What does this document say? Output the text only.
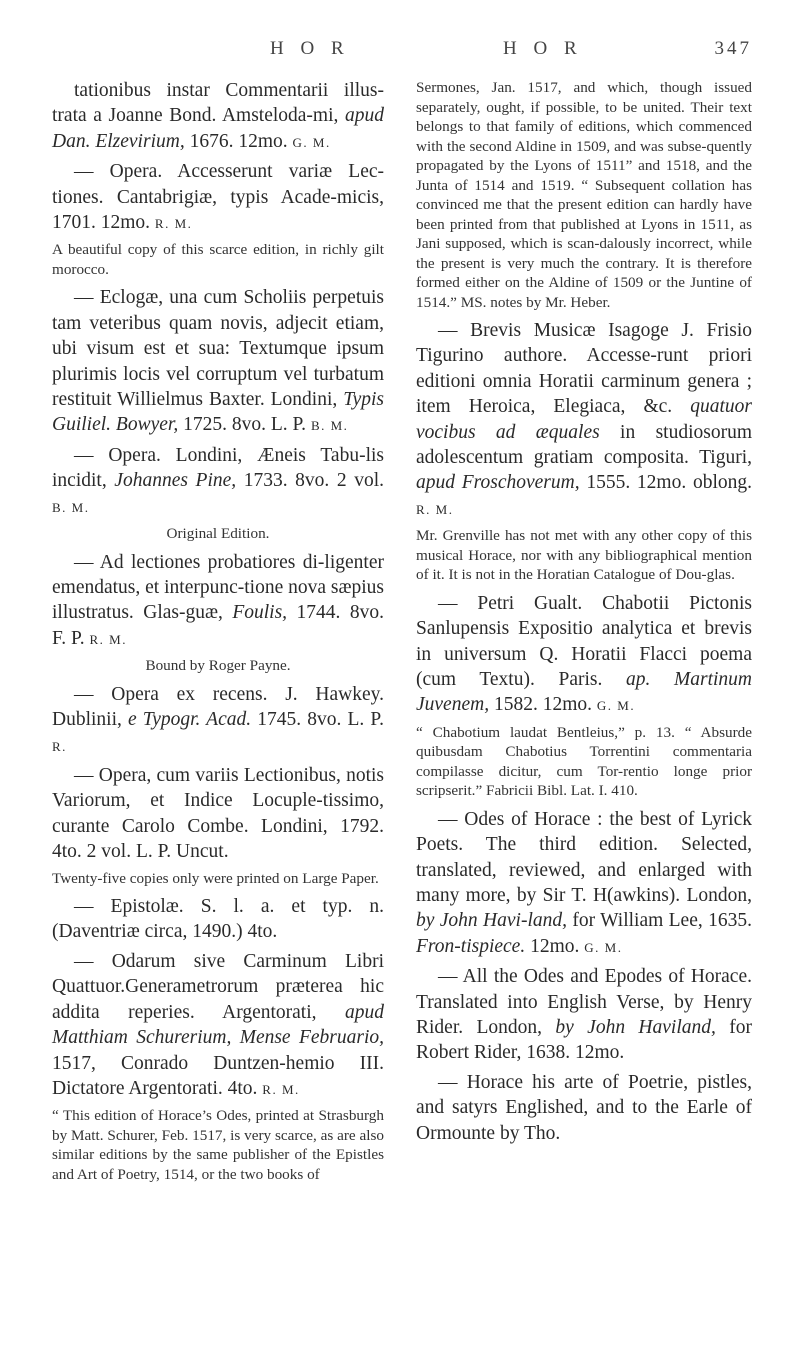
H O R	H O R	347

tationibus instar Commentarii illus-trata a Joanne Bond. Amsteloda-mi, apud Dan. Elzevirium, 1676. 12mo. G. M.

— Opera. Accesserunt variæ Lec-tiones. Cantabrigiæ, typis Acade-micis, 1701. 12mo. R. M.

A beautiful copy of this scarce edition, in richly gilt morocco.

— Eclogæ, una cum Scholiis perpetuis tam veteribus quam novis, adjecit etiam, ubi visum est et sua: Textumque ipsum plurimis locis vel corruptum vel turbatum restituit Willielmus Baxter. Londini, Typis Guiliel. Bowyer, 1725. 8vo. L. P. B. M.

— Opera. Londini, Æneis Tabu-lis incidit, Johannes Pine, 1733. 8vo. 2 vol. B. M.

Original Edition.

— Ad lectiones probatiores di-ligenter emendatus, et interpunc-tione nova sæpius illustratus. Glas-guæ, Foulis, 1744. 8vo. F. P. R. M.

Bound by Roger Payne.

— Opera ex recens. J. Hawkey. Dublinii, e Typogr. Acad. 1745. 8vo. L. P. R.

— Opera, cum variis Lectionibus, notis Variorum, et Indice Locuple-tissimo, curante Carolo Combe. Londini, 1792. 4to. 2 vol. L. P. Uncut.

Twenty-five copies only were printed on Large Paper.

— Epistolæ. S. l. a. et typ. n. (Daventriæ circa, 1490.) 4to.

— Odarum sive Carminum Libri Quattuor.Generametrorum præterea hic addita reperies. Argentorati, apud Matthiam Schurerium, Mense Februario, 1517, Conrado Duntzen-hemio III. Dictatore Argentorati. 4to. R. M.

“ This edition of Horace’s Odes, printed at Strasburgh by Matt. Schurer, Feb. 1517, is very scarce, as are also similar editions by the same publisher of the Epistles and Art of Poetry, 1514, or the two books of

Sermones, Jan. 1517, and which, though issued separately, ought, if possible, to be united. Their text belongs to that family of editions, which commenced with the second Aldine in 1509, and was subse-quently propagated by the Lyons of 1511” and 1518, and the Junta of 1514 and 1519. “ Subsequent collation has convinced me that the present edition can hardly have been printed from that published at Lyons in 1511, as Jani supposed, which is scan-dalously incorrect, while the present is very much the contrary. It is therefore formed either on the Aldine of 1509 or the Juntine of 1514.” MS. notes by Mr. Heber.

— Brevis Musicæ Isagoge J. Frisio Tigurino authore. Accesse-runt priori editioni omnia Horatii carminum genera ; item Heroica, Elegiaca, &c. quatuor vocibus ad æquales in studiosorum adolescentum gratiam composita. Tiguri, apud Froschoverum, 1555. 12mo. oblong. R. M.

Mr. Grenville has not met with any other copy of this musical Horace, nor with any bibliographical mention of it. It is not in the Horatian Catalogue of Dou-glas.

— Petri Gualt. Chabotii Pictonis Sanlupensis Expositio analytica et brevis in universum Q. Horatii Flacci poema (cum Textu). Paris. ap. Martinum Juvenem, 1582. 12mo. G. M.

“ Chabotium laudat Bentleius,” p. 13. “ Absurde quibusdam Chabotius Torrentini commentaria compilasse dicitur, cum Tor-rentio longe prior scripserit.” Fabricii Bibl. Lat. I. 410.

— Odes of Horace : the best of Lyrick Poets. The third edition. Selected, translated, reviewed, and enlarged with many more, by Sir T. H(awkins). London, by John Havi-land, for William Lee, 1635. Fron-tispiece. 12mo. G. M.

— All the Odes and Epodes of Horace. Translated into English Verse, by Henry Rider. London, by John Haviland, for Robert Rider, 1638. 12mo.

— Horace his arte of Poetrie, pistles, and satyrs Englished, and to the Earle of Ormounte by Tho.
